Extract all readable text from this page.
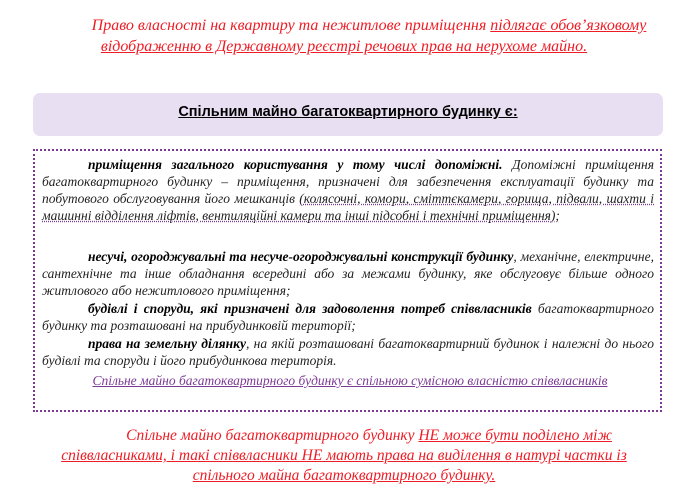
Право власності на квартиру та нежитлове приміщення підлягає обов’язковому відображенню в Державному реєстрі речових прав на нерухоме майно.
Спільним майно багатоквартирного будинку є:
приміщення загального користування у тому числі допоміжні. Допоміжні приміщення багатоквартирного будинку – приміщення, призначені для забезпечення експлуатації будинку та побутового обслуговування його мешканців (колясочні, комори, сміттєкамери, горища, підвали, шахти і машинні відділення ліфтів, вентиляційні камери та інші підсобні і технічні приміщення);
несучі, огороджувальні та несуче-огороджувальні конструкції будинку, механічне, електричне, сантехнічне та інше обладнання всередині або за межами будинку, яке обслуговує більше одного житлового або нежитлового приміщення;
будівлі і споруди, які призначені для задоволення потреб співвласників багатоквартирного будинку та розташовані на прибудинковій території;
права на земельну ділянку, на якій розташовані багатоквартирний будинок і належні до нього будівлі та споруди і його прибудинкова територія.
Спільне майно багатоквартирного будинку є спільною сумісною власністю співвласників
Спільне майно багатоквартирного будинку НЕ може бути поділено між співвласниками, і такі співвласники НЕ мають права на виділення в натурі частки із спільного майна багатоквартирного будинку.
